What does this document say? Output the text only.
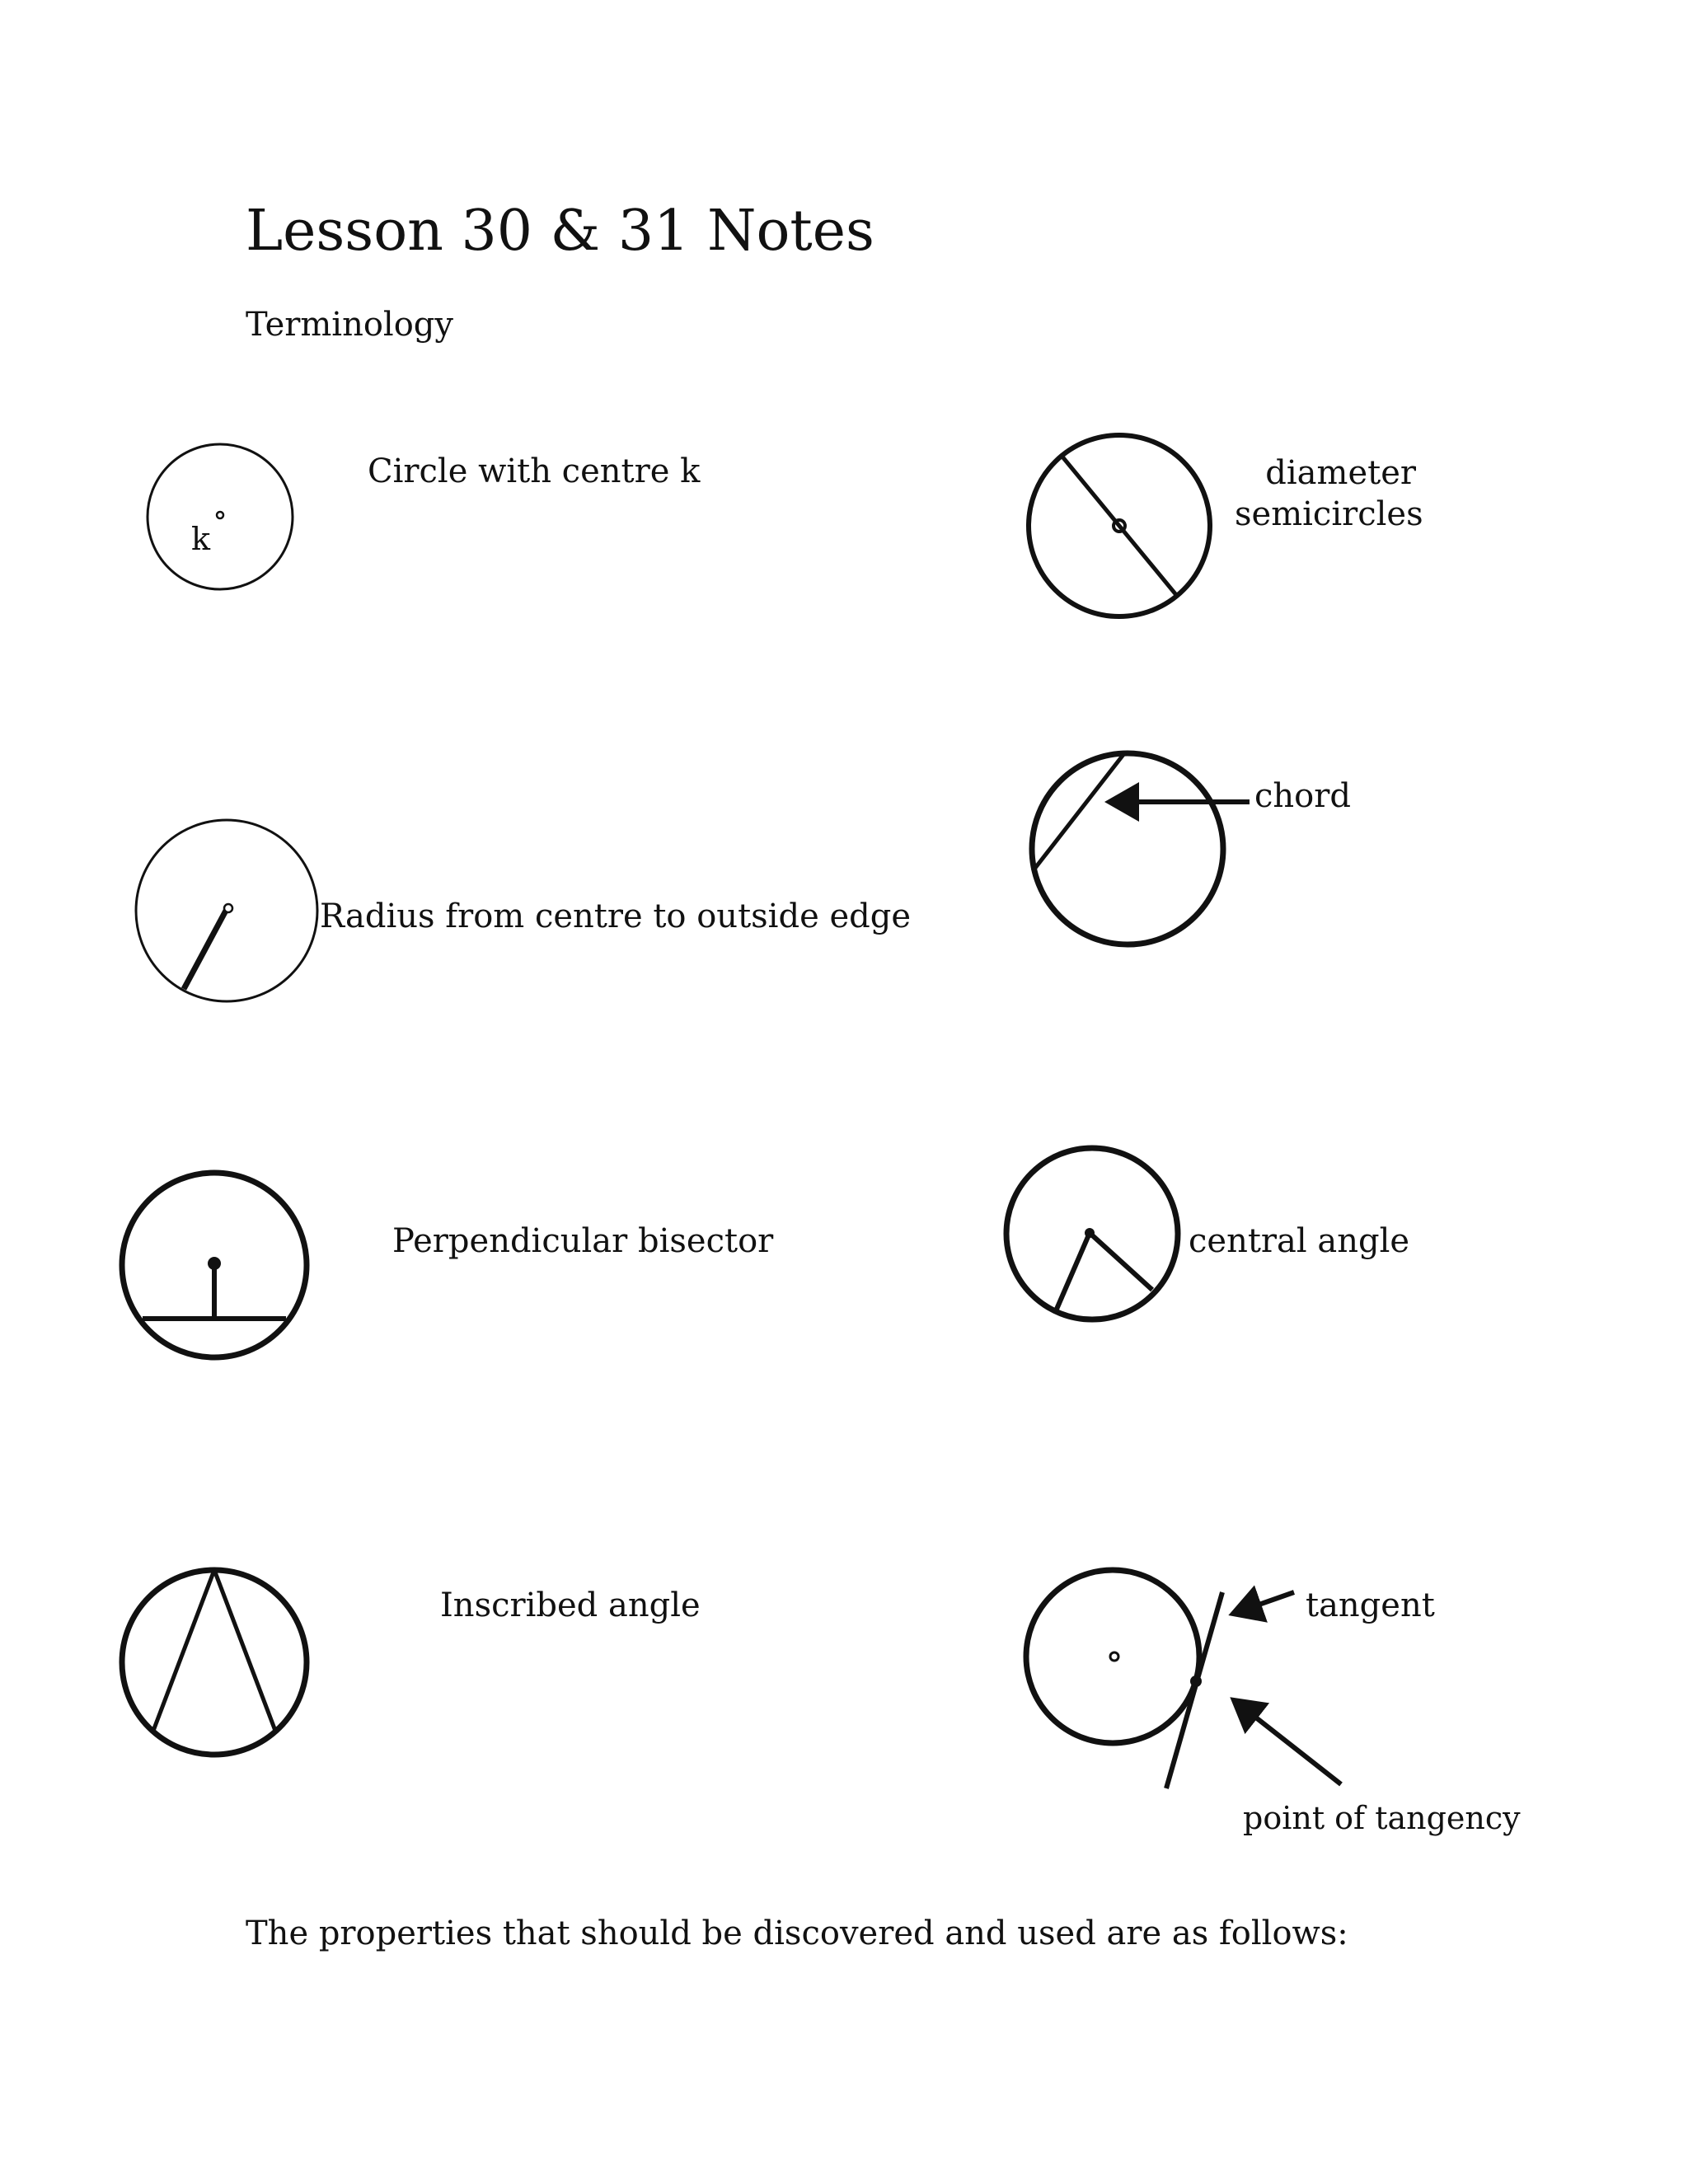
Lesson 30 & 31 Notes
Terminology
Circle with centre k
k
diameter
semicircles
chord
Radius from centre to outside edge
Perpendicular bisector	central angle
Inscribed angle	tangent
point of tangency
The properties that should be discovered and used are as follows:
